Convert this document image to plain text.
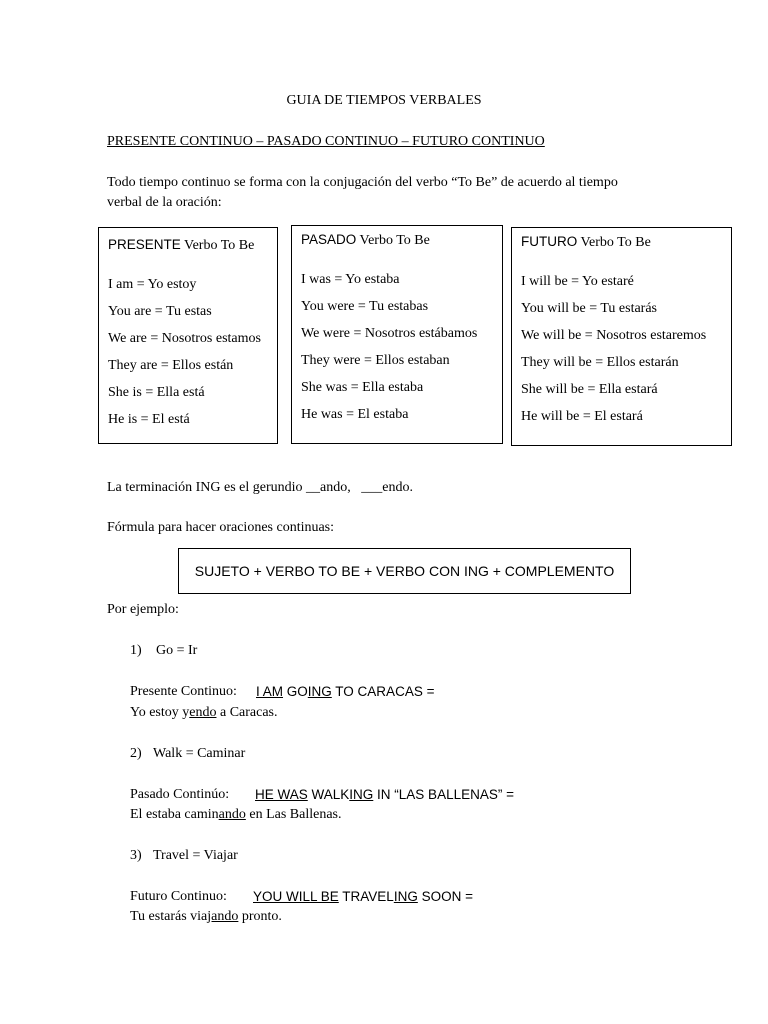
GUIA DE TIEMPOS VERBALES
PRESENTE CONTINUO – PASADO CONTINUO – FUTURO CONTINUO
Todo tiempo continuo se forma con la conjugación del verbo “To Be” de acuerdo al tiempo
verbal de la oración:
PRESENTE Verbo To Be
I am = Yo estoy
You are = Tu estas
We are = Nosotros estamos
They are = Ellos están
She is = Ella está
He is = El está
PASADO Verbo To Be
I was = Yo estaba
You were = Tu estabas
We were = Nosotros estábamos
They were = Ellos estaban
She was = Ella estaba
He was = El estaba
FUTURO Verbo To Be
I will be = Yo estaré
You will be = Tu estarás
We will be = Nosotros estaremos
They will be = Ellos estarán
She will be = Ella estará
He will be = El estará
La terminación ING es el gerundio __ando, ___endo.
Fórmula para hacer oraciones continuas:
SUJETO + VERBO TO BE + VERBO CON ING + COMPLEMENTO
Por ejemplo:
1) Go = Ir
Presente Continuo: I AM GOING TO CARACAS =
Yo estoy yendo a Caracas.
2) Walk = Caminar
Pasado Continúo: HE WAS WALKING IN “LAS BALLENAS” =
El estaba caminando en Las Ballenas.
3) Travel = Viajar
Futuro Continuo: YOU WILL BE TRAVELING SOON =
Tu estarás viajando pronto.
